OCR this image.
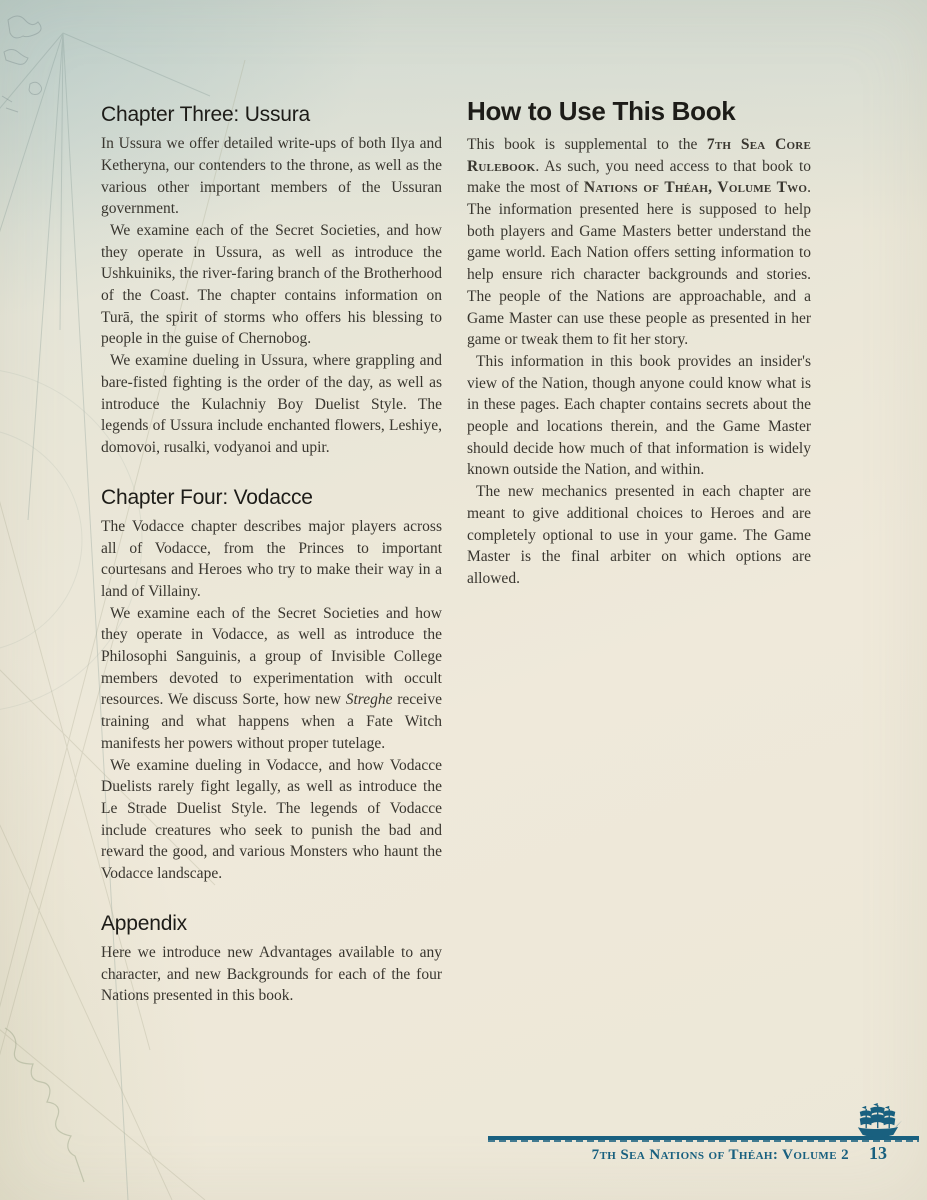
Chapter Three: Ussura

In Ussura we offer detailed write-ups of both Ilya and Ketheryna, our contenders to the throne, as well as the various other important members of the Ussuran government.

We examine each of the Secret Societies, and how they operate in Ussura, as well as introduce the Ushkuiniks, the river-faring branch of the Brotherhood of the Coast. The chapter contains information on Turā, the spirit of storms who offers his blessing to people in the guise of Chernobog.

We examine dueling in Ussura, where grappling and bare-fisted fighting is the order of the day, as well as introduce the Kulachniy Boy Duelist Style. The legends of Ussura include enchanted flowers, Leshiye, domovoi, rusalki, vodyanoi and upir.

Chapter Four: Vodacce

The Vodacce chapter describes major players across all of Vodacce, from the Princes to important courtesans and Heroes who try to make their way in a land of Villainy.

We examine each of the Secret Societies and how they operate in Vodacce, as well as introduce the Philosophi Sanguinis, a group of Invisible College members devoted to experimentation with occult resources. We discuss Sorte, how new Streghe receive training and what happens when a Fate Witch manifests her powers without proper tutelage.

We examine dueling in Vodacce, and how Vodacce Duelists rarely fight legally, as well as introduce the Le Strade Duelist Style. The legends of Vodacce include creatures who seek to punish the bad and reward the good, and various Monsters who haunt the Vodacce landscape.

Appendix

Here we introduce new Advantages available to any character, and new Backgrounds for each of the four Nations presented in this book.

How to Use This Book

This book is supplemental to the 7th Sea Core Rulebook. As such, you need access to that book to make the most of Nations of Théah, Volume Two. The information presented here is supposed to help both players and Game Masters better understand the game world. Each Nation offers setting information to help ensure rich character backgrounds and stories. The people of the Nations are approachable, and a Game Master can use these people as presented in her game or tweak them to fit her story.

This information in this book provides an insider's view of the Nation, though anyone could know what is in these pages. Each chapter contains secrets about the people and locations therein, and the Game Master should decide how much of that information is widely known outside the Nation, and within.

The new mechanics presented in each chapter are meant to give additional choices to Heroes and are completely optional to use in your game. The Game Master is the final arbiter on which options are allowed.

7th Sea Nations of Théah: Volume 2 13
